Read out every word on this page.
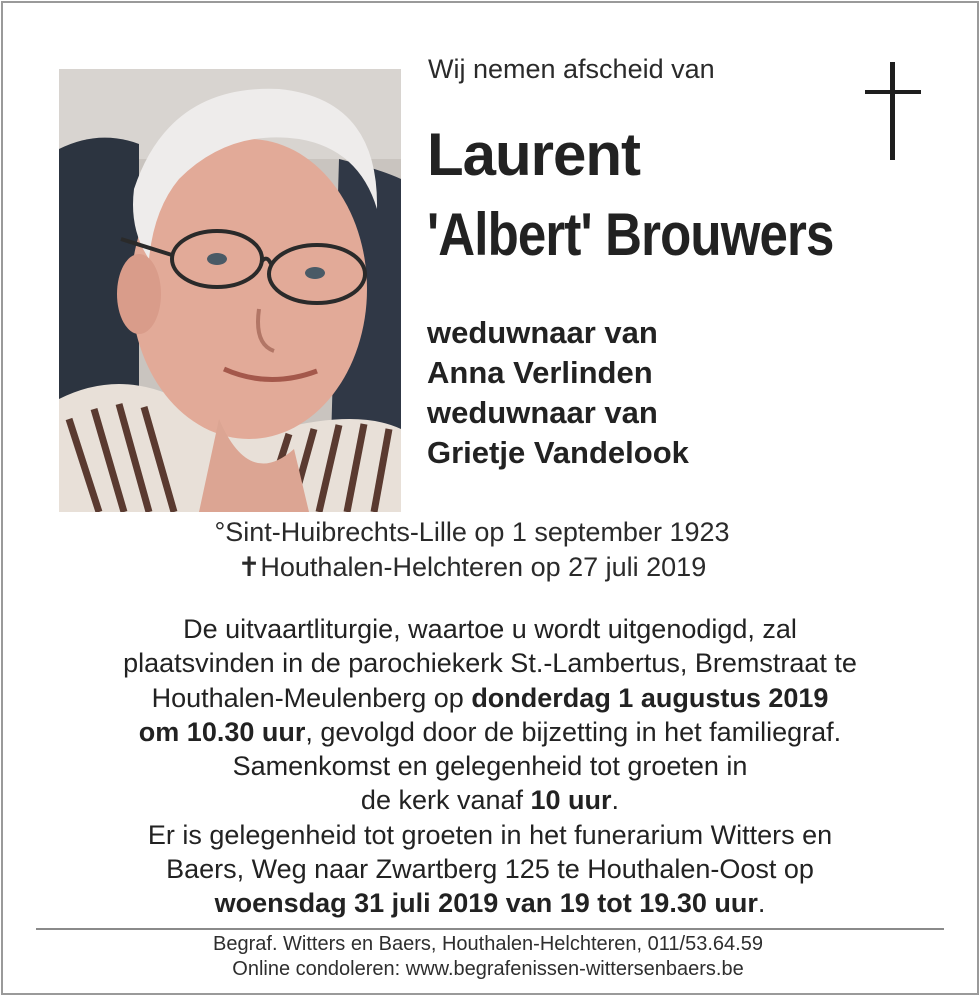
Wij nemen afscheid van
Laurent
'Albert' Brouwers
weduwnaar van
Anna Verlinden
weduwnaar van
Grietje Vandelook
°Sint-Huibrechts-Lille op 1 september 1923
✝Houthalen-Helchteren op 27 juli 2019
De uitvaartliturgie, waartoe u wordt uitgenodigd, zal
plaatsvinden in de parochiekerk St.-Lambertus, Bremstraat te
Houthalen-Meulenberg op donderdag 1 augustus 2019
om 10.30 uur, gevolgd door de bijzetting in het familiegraf.
Samenkomst en gelegenheid tot groeten in
de kerk vanaf 10 uur.
Er is gelegenheid tot groeten in het funerarium Witters en
Baers, Weg naar Zwartberg 125 te Houthalen-Oost op
woensdag 31 juli 2019 van 19 tot 19.30 uur.
Begraf. Witters en Baers, Houthalen-Helchteren, 011/53.64.59
Online condoleren: www.begrafenissen-wittersenbaers.be
